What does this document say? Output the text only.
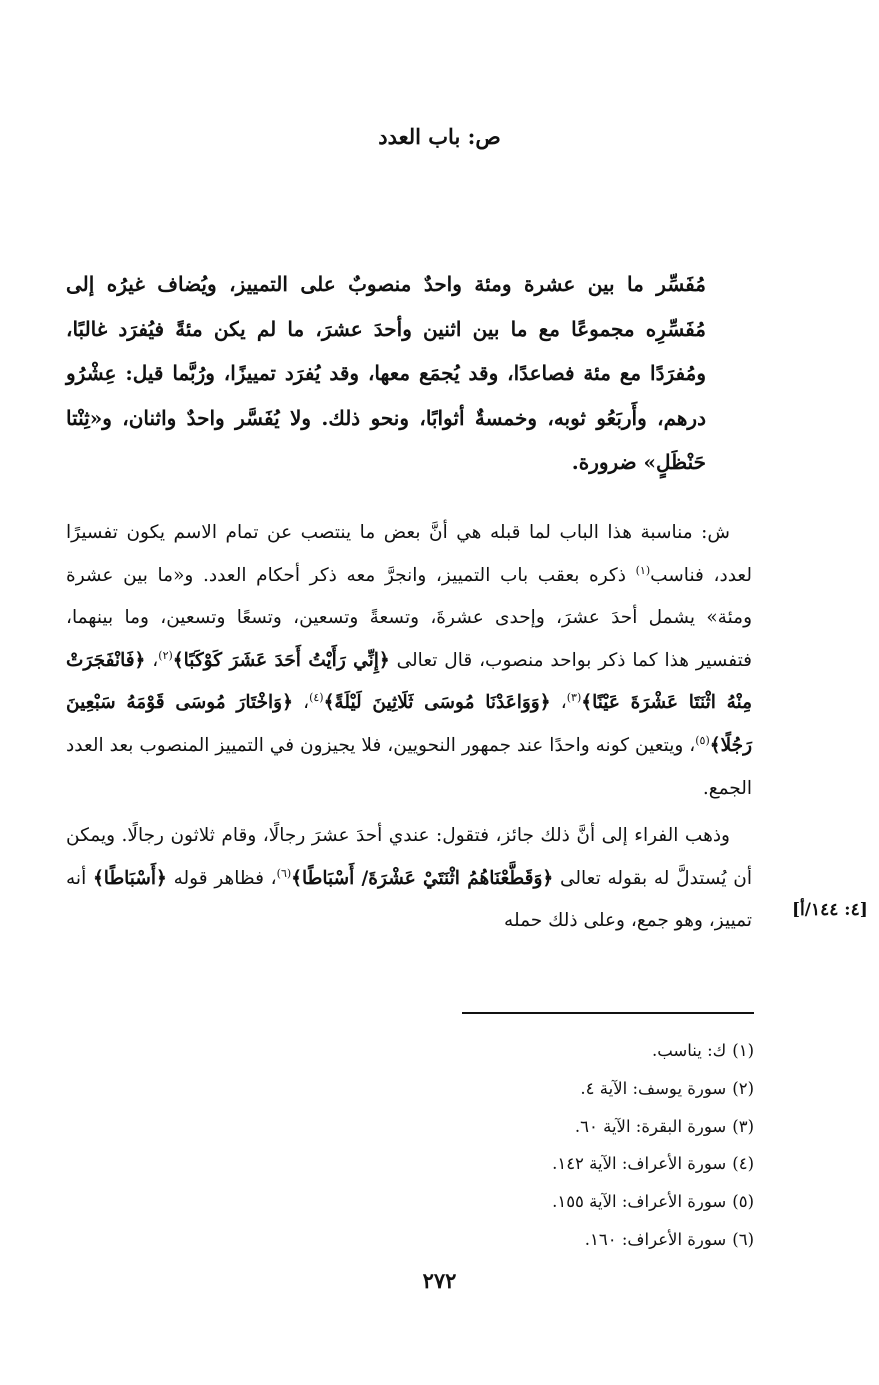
ص: باب العدد
مُفَسِّر ما بين عشرة ومئة واحدٌ منصوبٌ على التمييز، ويُضاف غيرُه إلى مُفَسِّرِه مجموعًا مع ما بين اثنين وأحدَ عشرَ، ما لم يكن مئةً فيُفرَد غالبًا، ومُفرَدًا مع مئة فصاعدًا، وقد يُجمَع معها، وقد يُفرَد تمييزًا، ورُبَّما قيل: عِشْرُو درهم، وأَربَعُو ثوبه، وخمسةٌ أثوابًا، ونحو ذلك. ولا يُفَسَّر واحدٌ واثنان، و«ثِنْتا حَنْظَلٍ» ضرورة.

ش: مناسبة هذا الباب لما قبله هي أنَّ بعض ما ينتصب عن تمام الاسم يكون تفسيرًا لعدد، فناسب$^{(١)}$ ذكره بعقب باب التمييز، وانجرَّ معه ذكر أحكام العدد. و«ما بين عشرة ومئة» يشمل أحدَ عشرَ، وإحدى عشرةَ، وتسعةً وتسعين، وتسعًا وتسعين، وما بينهما، فتفسير هذا كما ذكر بواحد منصوب، قال تعالى ﴿إِنِّي رَأَيْتُ أَحَدَ عَشَرَ كَوْكَبًا﴾$^{(٢)}$، ﴿فَانْفَجَرَتْ مِنْهُ اثْنَتَا عَشْرَةَ عَيْنًا﴾$^{(٣)}$، ﴿وَوَاعَدْنَا مُوسَى ثَلَاثِينَ لَيْلَةً﴾$^{(٤)}$، ﴿وَاخْتَارَ مُوسَى قَوْمَهُ سَبْعِينَ رَجُلًا﴾$^{(٥)}$، ويتعين كونه واحدًا عند جمهور النحويين، فلا يجيزون في التمييز المنصوب بعد العدد الجمع.

وذهب الفراء إلى أنَّ ذلك جائز، فتقول: عندي أحدَ عشرَ رجالًا، وقام ثلاثون رجالًا. ويمكن أن يُستدلَّ له بقوله تعالى ﴿وَقَطَّعْنَاهُمُ اثْنَتَيْ عَشْرَةَ/ أَسْبَاطًا﴾$^{(٦)}$، فظاهر قوله ﴿أَسْبَاطًا﴾ أنه تمييز، وهو جمع، وعلى ذلك حمله

[٤: ١٤٤/أ]
(١)ك: يناسب.
(٢)سورة يوسف: الآية ٤.
(٣)سورة البقرة: الآية ٦٠.
(٤)سورة الأعراف: الآية ١٤٢.
(٥)سورة الأعراف: الآية ١٥٥.
(٦)سورة الأعراف: ١٦٠.
٢٧٢
